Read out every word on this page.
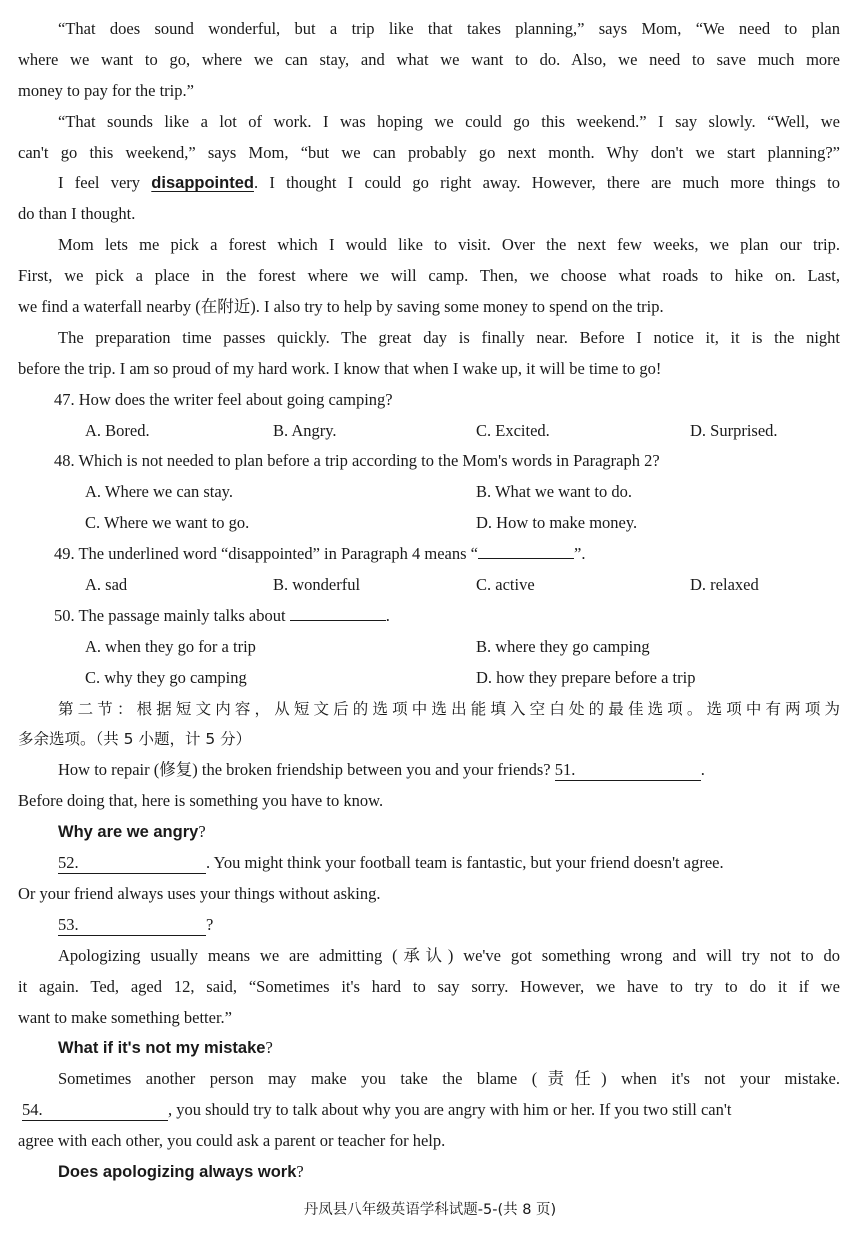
“That does sound wonderful, but a trip like that takes planning,” says Mom, “We need to plan
where we want to go, where we can stay, and what we want to do. Also, we need to save much more
money to pay for the trip.”
“That sounds like a lot of work. I was hoping we could go this weekend.” I say slowly. “Well, we
can't go this weekend,” says Mom, “but we can probably go next month. Why don't we start planning?”
I feel very disappointed. I thought I could go right away. However, there are much more things to
do than I thought.
Mom lets me pick a forest which I would like to visit. Over the next few weeks, we plan our trip.
First, we pick a place in the forest where we will camp. Then, we choose what roads to hike on. Last,
we find a waterfall nearby (在附近). I also try to help by saving some money to spend on the trip.
The preparation time passes quickly. The great day is finally near. Before I notice it, it is the night
before the trip. I am so proud of my hard work. I know that when I wake up, it will be time to go!
47. How does the writer feel about going camping?
A. Bored.	B. Angry.	C. Excited.	D. Surprised.
48. Which is not needed to plan before a trip according to the Mom's words in Paragraph 2?
A. Where we can stay.	B. What we want to do.
C. Where we want to go.	D. How to make money.
49. The underlined word “disappointed” in Paragraph 4 means “	”.
A. sad	B. wonderful	C. active	D. relaxed
50. The passage mainly talks about	.
A. when they go for a trip	B. where they go camping
C. why they go camping	D. how they prepare before a trip
第二节：根据短文内容，从短文后的选项中选出能填入空白处的最佳选项。选项中有两项为
多余选项。（共 5 小题，计 5 分）
How to repair (修复) the broken friendship between you and your friends? 51.	.
Before doing that, here is something you have to know.
Why are we angry?
52.	. You might think your football team is fantastic, but your friend doesn't agree.
Or your friend always uses your things without asking.
53.	?
Apologizing usually means we are admitting (承认) we've got something wrong and will try not to do
it again. Ted, aged 12, said, “Sometimes it's hard to say sorry. However, we have to try to do it if we
want to make something better.”
What if it's not my mistake?
Sometimes another person may make you take the blame (责任) when it's not your mistake.
54.	, you should try to talk about why you are angry with him or her. If you two still can't
agree with each other, you could ask a parent or teacher for help.
Does apologizing always work?
丹凤县八年级英语学科试题-5-(共 8 页)
